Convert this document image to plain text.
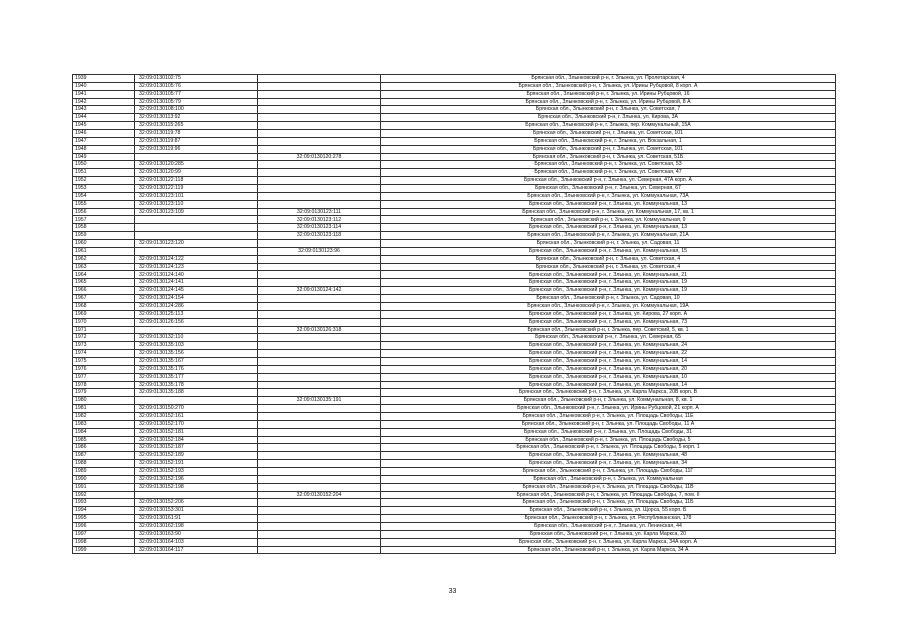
1939	32:09:0130102:75		Брянская обл., Злынковский р-н, г. Злынка, ул. Пролетарская, 4
1940	32:09:0130105:76		Брянская обл., Злынковский р-н, г. Злынка, ул. Ирины Рубцовой, 8 корп. А
1941	32:09:0130105:77		Брянская обл., Злынковский р-н, г. Злынка, ул. Ирины Рубцовой, 16
1942	32:09:0130105:79		Брянская обл., Злынковский р-н, г. Злынка, ул. Ирины Рубцовой, 8 А
1943	32:09:0130108:100		Брянская обл., Злынковский р-н, г. Злынка, ул. Советская, 7
1944	32:09:0130113:92		Брянская обл., Злынковский р-н, г. Злынка, ул. Кирова, 3А
1945	32:09:0130115:265		Брянская обл., Злынковский р-н, г. Злынка, пер. Коммунальный, 15А
1946	32:09:0130119:78		Брянская обл., Злынковский р-н, г. Злынка, ул. Советская, 101
1947	32:09:0130119:87		Брянская обл., Злынковский р-н, г. Злынка, ул. Вокзальная, 1
1948	32:09:0130119:96		Брянская обл., Злынковский р-н, г. Злынка, ул. Советская, 101
1949		32:09:0130120:278	Брянская обл., Злынковский р-н, г. Злынка, ул. Советская, 51Б
1950	32:09:0130120:285		Брянская обл., Злынковский р-н, г. Злынка, ул. Советская, 53
1951	32:09:0130120:99		Брянская обл., Злынковский р-н, г. Злынка, ул. Советская, 47
1952	32:09:0130122:118		Брянская обл., Злынковский р-н, г. Злынка, ул. Северная, 47А корп. А
1953	32:09:0130122:119		Брянская обл., Злынковский р-н, г. Злынка, ул. Северная, 67
1954	32:09:0130123:101		Брянская обл., Злынковский р-н, г. Злынка, ул. Коммунальная, 73А
1955	32:09:0130123:110		Брянская обл., Злынковский р-н, г. Злынка, ул. Коммунальная, 13
1956	32:09:0130123:109	32:09:0130123:111	Брянская обл., Злынковский р-н, г. Злынка, ул. Коммунальная, 17, кв. 1
1957		32:09:0130123:112	Брянская обл., Злынковский р-н, г. Злынка, ул. Коммунальная, 9
1958		32:09:0130123:114	Брянская обл., Злынковский р-н, г. Злынка, ул. Коммунальная, 13
1959		32:09:0130123:118	Брянская обл., Злынковский р-н, г. Злынка, ул. Коммунальная, 21А
1960	32:09:0130123:120		Брянская обл., Злынковский р-н, г. Злынка, ул. Садовая, 11
1961		32:09:0130123:96	Брянская обл., Злынковский р-н, г. Злынка, ул. Коммунальная, 15
1962	32:09:0130124:122		Брянская обл., Злынковский р-н, г. Злынка, ул. Советская, 4
1963	32:09:0130124:123		Брянская обл., Злынковский р-н, г. Злынка, ул. Советская, 4
1964	32:09:0130124:140		Брянская обл., Злынковский р-н, г. Злынка, ул. Коммунальная, 21
1965	32:09:0130124:141		Брянская обл., Злынковский р-н, г. Злынка, ул. Коммунальная, 19
1966	32:09:0130124:145	32:09:0130124:142	Брянская обл., Злынковский р-н, г. Злынка, ул. Коммунальная, 19
1967	32:09:0130124:154		Брянская обл., Злынковский р-н, г. Злынка, ул. Садовая, 10
1968	32:09:0130124:286		Брянская обл., Злынковский р-н, г. Злынка, ул. Коммунальная, 19А
1969	32:09:0130125:113		Брянская обл., Злынковский р-н, г. Злынка, ул. Кирова, 27 корп. А
1970	32:09:0130126:156		Брянская обл., Злынковский р-н, г. Злынка, ул. Коммунальная, 73
1971		32:09:0130126:318	Брянская обл., Злынковский р-н, г. Злынка, пер. Советский, 5, кв. 1
1972	32:09:0130132:110		Брянская обл., Злынковский р-н, г. Злынка, ул. Северная, 65
1973	32:09:0130135:103		Брянская обл., Злынковский р-н, г. Злынка, ул. Коммунальная, 24
1974	32:09:0130135:156		Брянская обл., Злынковский р-н, г. Злынка, ул. Коммунальная, 22
1975	32:09:0130135:167		Брянская обл., Злынковский р-н, г. Злынка, ул. Коммунальная, 14
1976	32:09:0130135:176		Брянская обл., Злынковский р-н, г. Злынка, ул. Коммунальная, 20
1977	32:09:0130135:177		Брянская обл., Злынковский р-н, г. Злынка, ул. Коммунальная, 10
1978	32:09:0130135:178		Брянская обл., Злынковский р-н, г. Злынка, ул. Коммунальная, 14
1979	32:09:0130135:188		Брянская обл., Злынковский р-н, г. Злынка, ул. Карла Маркса, 20В корп. В
1980		32:09:0130135:191	Брянская обл., Злынковский р-н, г. Злынка, ул. Коммунальная, 8, кв. 1
1981	32:09:0130150:270		Брянская обл., Злынковский р-н, г. Злынка, ул. Ирины Рубцовой, 21 корп. А
1982	32:09:0130152:161		Брянская обл., Злынковский р-н, г. Злынка, ул. Площадь Свободы, 11Е
1983	32:09:0130152:170		Брянская обл., Злынковский р-н, г. Злынка, ул. Площадь Свободы, 11 А
1984	32:09:0130152:181		Брянская обл., Злынковский р-н, г. Злынка, ул. Площадь Свободы, 31
1985	32:09:0130152:184		Брянская обл., Злынковский р-н, г. Злынка, ул. Площадь Свободы, 5
1986	32:09:0130152:187		Брянская обл., Злынковский р-н, г. Злынка, ул. Площадь Свободы, 5 корп. 1
1987	32:09:0130152:189		Брянская обл., Злынковский р-н, г. Злынка, ул. Коммунальная, 48
1988	32:09:0130152:191		Брянская обл., Злынковский р-н, г. Злынка, ул. Коммунальная, 34
1989	32:09:0130152:193		Брянская обл., Злынковский р-н, г. Злынка, ул. Площадь Свободы, 11Г
1990	32:09:0130152:196		Брянская обл., Злынковский р-н, г. Злынка, ул. Коммунальная
1991	32:09:0130152:198		Брянская обл., Злынковский р-н, г. Злынка, ул. Площадь Свободы, 11В
1992		32:09:0130152:204	Брянская обл., Злынковский р-н, г. Злынка, ул. Площадь Свободы, 7, пом. II
1993	32:09:0130152:206		Брянская обл., Злынковский р-н, г. Злынка, ул. Площадь Свободы, 11Б
1994	32:09:0130153:301		Брянская обл., Злынковский р-н, г. Злынка, ул. Щорса, 55 корп. Б
1995	32:09:0130161:91		Брянская обл., Злынковский р-н, г. Злынка, ул. Республиканская, 178
1996	32:09:0130162:198		Брянская обл., Злынковский р-н, г. Злынка, ул. Ленинская, 44
1997	32:09:0130163:90		Брянская обл., Злынковский р-н, г. Злынка, ул. Карла Маркса, 20
1998	32:09:0130164:103		Брянская обл., Злынковский р-н, г. Злынка, ул. Карла Маркса, 34А корп. А
1999	32:09:0130164:117		Брянская обл., Злынковский р-н, г. Злынка, ул. Карла Маркса, 34 А
33
